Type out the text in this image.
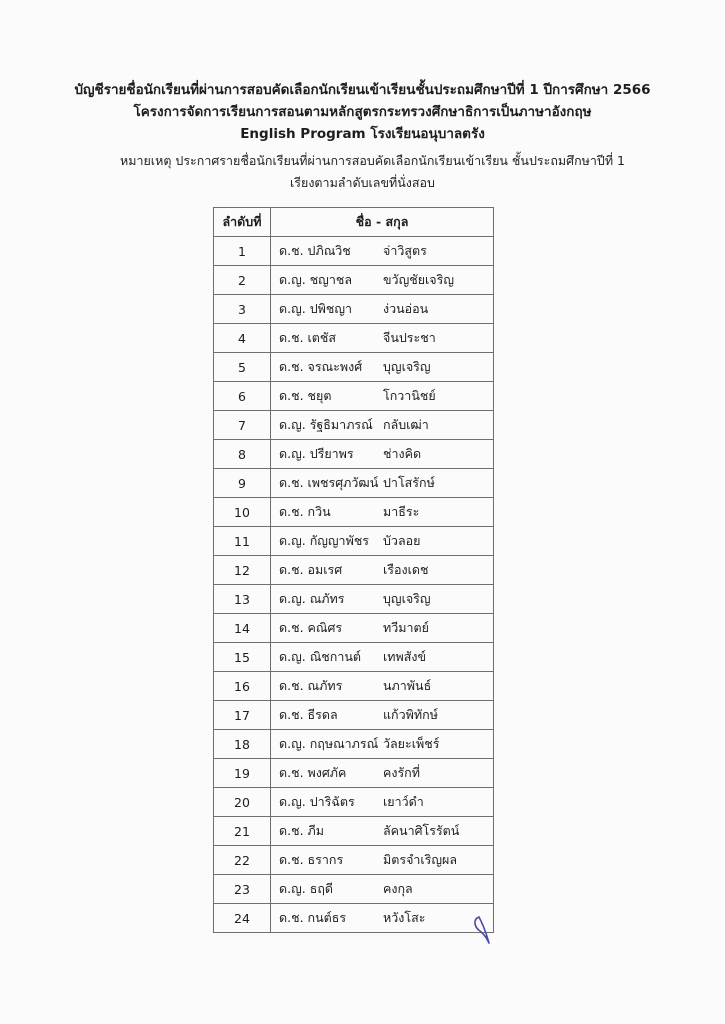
บัญชีรายชื่อนักเรียนที่ผ่านการสอบคัดเลือกนักเรียนเข้าเรียนชั้นประถมศึกษาปีที่ 1 ปีการศึกษา 2566
โครงการจัดการเรียนการสอนตามหลักสูตรกระทรวงศึกษาธิการเป็นภาษาอังกฤษ
English Program โรงเรียนอนุบาลตรัง
หมายเหตุ ประกาศรายชื่อนักเรียนที่ผ่านการสอบคัดเลือกนักเรียนเข้าเรียน ชั้นประถมศึกษาปีที่ 1
เรียงตามลำดับเลขที่นั่งสอบ
ลำดับที่	ชื่อ - สกุล
1	ด.ช. ปภิณวิช จ่าวิสูตร
2	ด.ญ. ชญาชล ขวัญชัยเจริญ
3	ด.ญ. ปพิชญา ง่วนอ่อน
4	ด.ช. เตชัส จีนประชา
5	ด.ช. จรณะพงศ์ บุญเจริญ
6	ด.ช. ชยุต โกวานิชย์
7	ด.ญ. รัฐธิมาภรณ์ กลับเฒ่า
8	ด.ญ. ปรียาพร ช่างคิด
9	ด.ช. เพชรศุภวัฒน์ ปาโสรักษ์
10	ด.ช. กวิน มาธีระ
11	ด.ญ. กัญญาพัชร บัวลอย
12	ด.ช. อมเรศ เรืองเดช
13	ด.ญ. ณภัทร บุญเจริญ
14	ด.ช. คณิศร ทวีมาตย์
15	ด.ญ. ณิชกานต์ เทพสังข์
16	ด.ช. ณภัทร นภาพันธ์
17	ด.ช. ธีรดล แก้วพิทักษ์
18	ด.ญ. กฤษณาภรณ์ วัลยะเพ็ชร์
19	ด.ช. พงศภัค คงรักที่
20	ด.ญ. ปาริฉัตร เยาว์ดำ
21	ด.ช. ภีม ลัคนาศิโรรัตน์
22	ด.ช. ธรากร มิตรจำเริญผล
23	ด.ญ. ธฤดี คงกุล
24	ด.ช. กนต์ธร หวังโสะ
